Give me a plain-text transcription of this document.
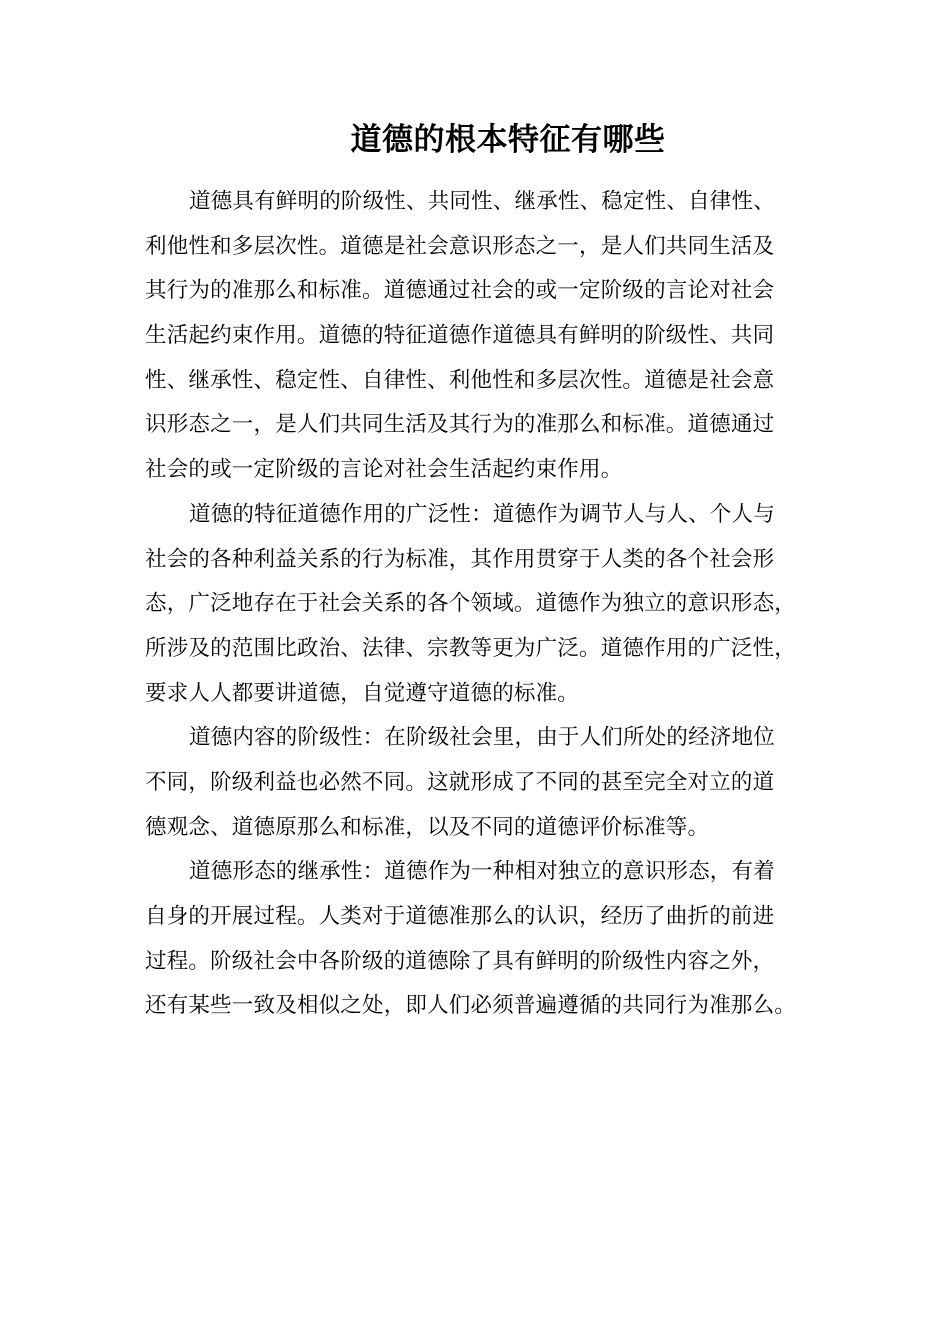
道德的根本特征有哪些
道德具有鲜明的阶级性、共同性、继承性、稳定性、自律性、
利他性和多层次性。道德是社会意识形态之一，是人们共同生活及
其行为的准那么和标准。道德通过社会的或一定阶级的言论对社会
生活起约束作用。道德的特征道德作道德具有鲜明的阶级性、共同
性、继承性、稳定性、自律性、利他性和多层次性。道德是社会意
识形态之一，是人们共同生活及其行为的准那么和标准。道德通过
社会的或一定阶级的言论对社会生活起约束作用。
道德的特征道德作用的广泛性：道德作为调节人与人、个人与
社会的各种利益关系的行为标准，其作用贯穿于人类的各个社会形
态，广泛地存在于社会关系的各个领域。道德作为独立的意识形态，
所涉及的范围比政治、法律、宗教等更为广泛。道德作用的广泛性，
要求人人都要讲道德，自觉遵守道德的标准。
道德内容的阶级性：在阶级社会里，由于人们所处的经济地位
不同，阶级利益也必然不同。这就形成了不同的甚至完全对立的道
德观念、道德原那么和标准，以及不同的道德评价标准等。
道德形态的继承性：道德作为一种相对独立的意识形态，有着
自身的开展过程。人类对于道德准那么的认识，经历了曲折的前进
过程。阶级社会中各阶级的道德除了具有鲜明的阶级性内容之外，
还有某些一致及相似之处，即人们必须普遍遵循的共同行为准那么。
